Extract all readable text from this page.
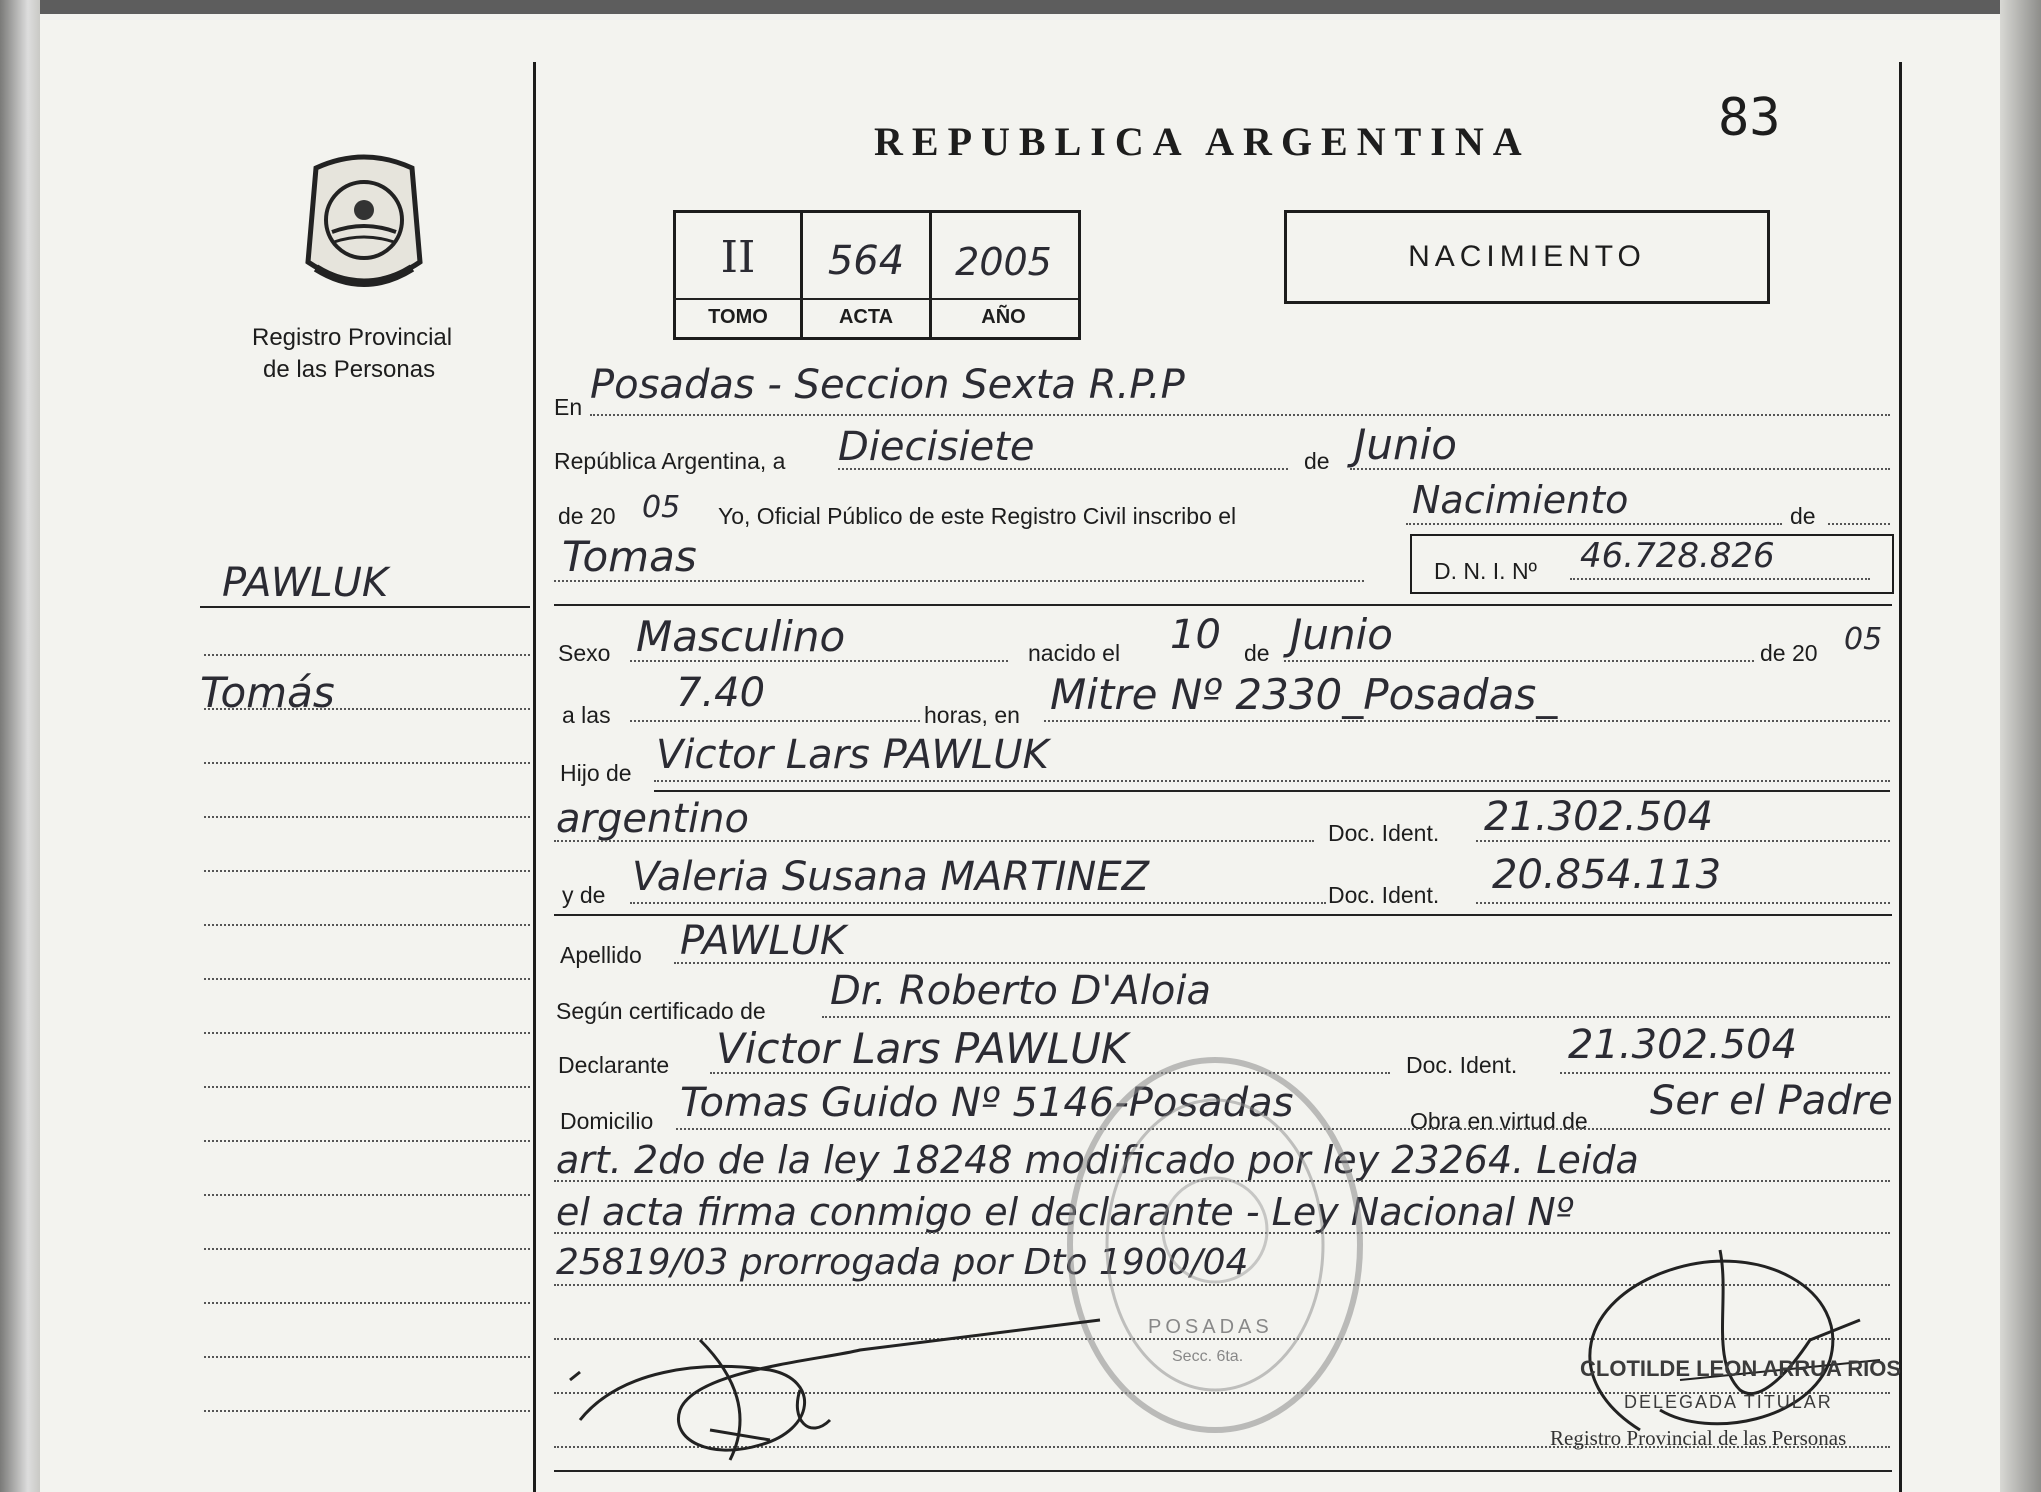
Registro Provincial
de las Personas
PAWLUK
Tomás
REPUBLICA ARGENTINA	83
II	564	2005
TOMO	ACTA	AÑO
NACIMIENTO
En Posadas - Seccion Sexta R.P.P
República Argentina, a Diecisiete	de Junio
de 20 05 Yo, Oficial Público de este Registro Civil inscribo el	Nacimiento	de
Tomas	D. N. I. Nº 46.728.826
Sexo Masculino	nacido el 10 de Junio	de 20 05
a las 7.40	horas, en Mitre Nº 2330_Posadas_
Hijo de Victor Lars PAWLUK
argentino	Doc. Ident. 21.302.504
y de Valeria Susana MARTINEZ	Doc. Ident. 20.854.113
Apellido PAWLUK
Según certificado de Dr. Roberto D'Aloia
Declarante Victor Lars PAWLUK	Doc. Ident. 21.302.504
Domicilio Tomas Guido Nº 5146-Posadas	Obra en virtud de Ser el Padre
art. 2do de la ley 18248 modificado por ley 23264. Leida
el acta firma conmigo el declarante - Ley Nacional Nº
25819/03 prorrogada por Dto 1900/04
POSADAS
Secc. 6ta.	CLOTILDE LEON ARRUA RIOS
DELEGADA TITULAR
Registro Provincial de las Personas
